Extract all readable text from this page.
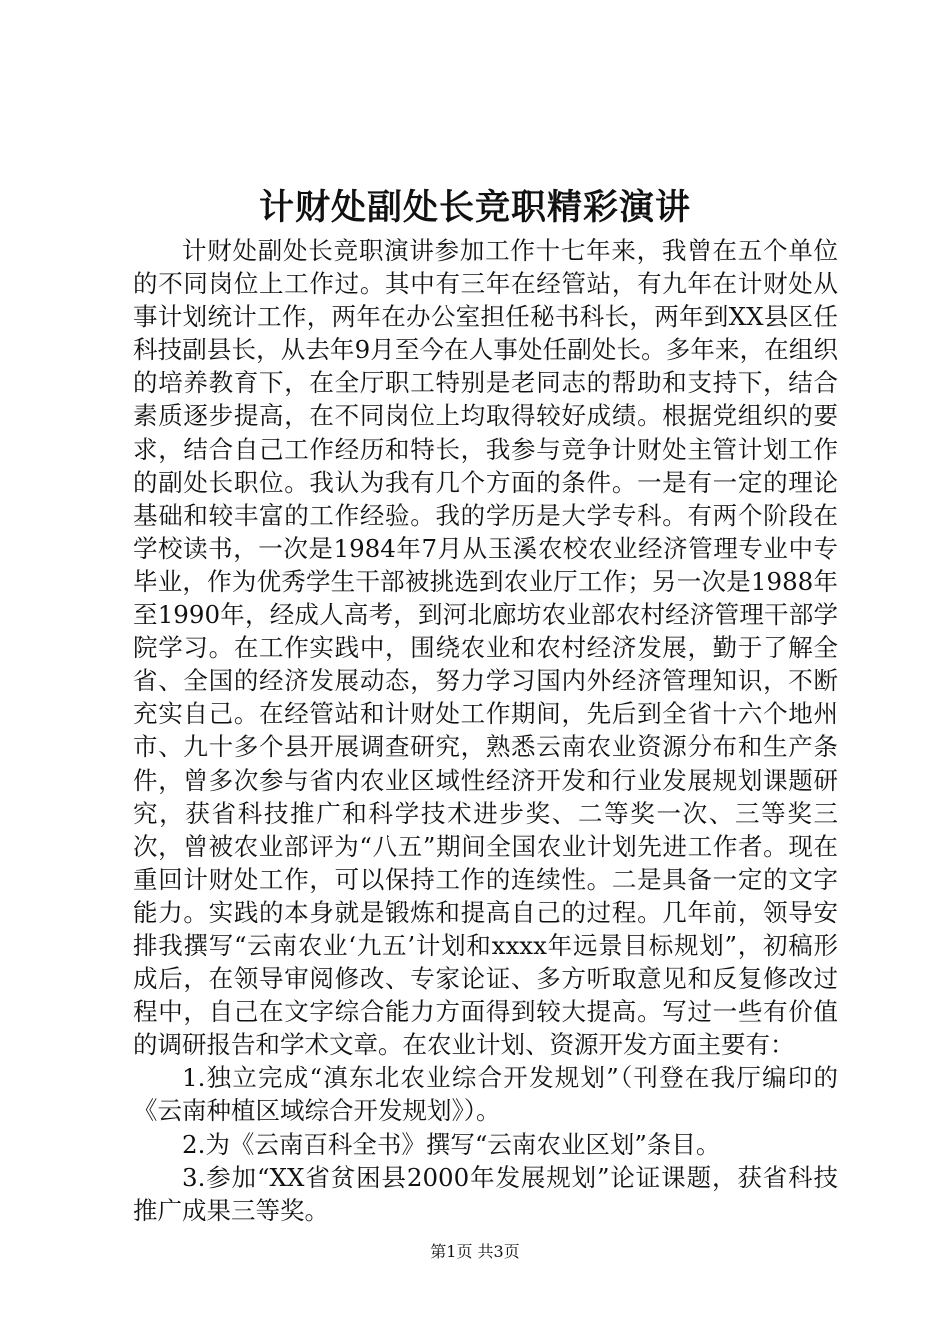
计财处副处长竞职精彩演讲

计财处副处长竞职演讲参加工作十七年来，我曾在五个单位的不同岗位上工作过。其中有三年在经管站，有九年在计财处从事计划统计工作，两年在办公室担任秘书科长，两年到XX县区任科技副县长，从去年9月至今在人事处任副处长。多年来，在组织的培养教育下，在全厅职工特别是老同志的帮助和支持下，结合素质逐步提高，在不同岗位上均取得较好成绩。根据党组织的要求，结合自己工作经历和特长，我参与竞争计财处主管计划工作的副处长职位。我认为我有几个方面的条件。一是有一定的理论基础和较丰富的工作经验。我的学历是大学专科。有两个阶段在学校读书，一次是1984年7月从玉溪农校农业经济管理专业中专毕业，作为优秀学生干部被挑选到农业厅工作；另一次是1988年至1990年，经成人高考，到河北廊坊农业部农村经济管理干部学院学习。在工作实践中，围绕农业和农村经济发展，勤于了解全省、全国的经济发展动态，努力学习国内外经济管理知识，不断充实自己。在经管站和计财处工作期间，先后到全省十六个地州市、九十多个县开展调查研究，熟悉云南农业资源分布和生产条件，曾多次参与省内农业区域性经济开发和行业发展规划课题研究，获省科技推广和科学技术进步奖、二等奖一次、三等奖三次，曾被农业部评为“八五”期间全国农业计划先进工作者。现在重回计财处工作，可以保持工作的连续性。二是具备一定的文字能力。实践的本身就是锻炼和提高自己的过程。几年前，领导安排我撰写“云南农业‘九五’计划和xxxx年远景目标规划”，初稿形成后，在领导审阅修改、专家论证、多方听取意见和反复修改过程中，自己在文字综合能力方面得到较大提高。写过一些有价值的调研报告和学术文章。在农业计划、资源开发方面主要有：

1.独立完成“滇东北农业综合开发规划”（刊登在我厅编印的《云南种植区域综合开发规划》）。

2.为《云南百科全书》撰写“云南农业区划”条目。

3.参加“XX省贫困县2000年发展规划”论证课题，获省科技推广成果三等奖。

第1页 共3页
